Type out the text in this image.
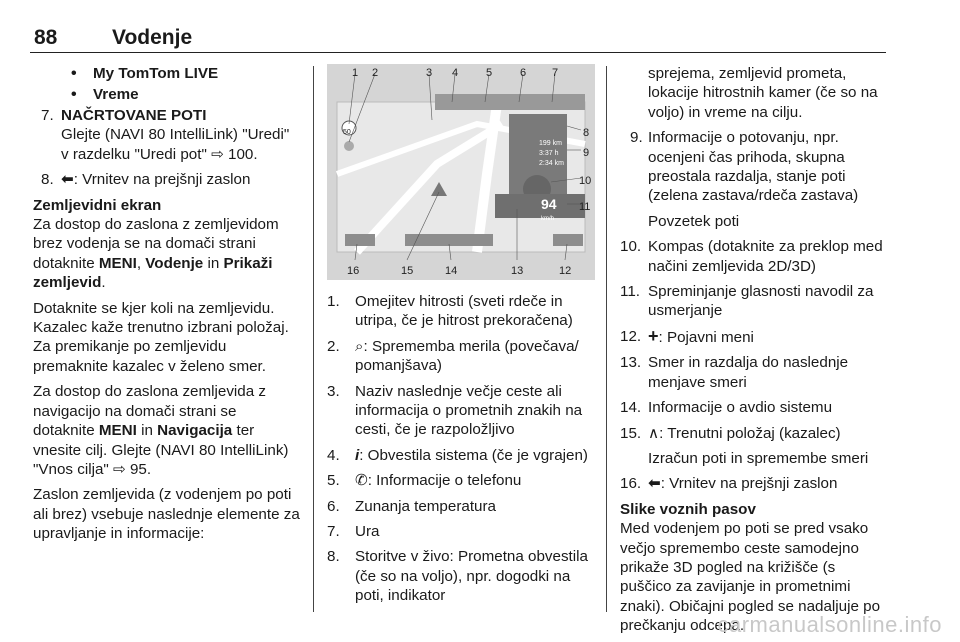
88	Vodenje
• My TomTom LIVE
• Vreme
7. NAČRTOVANE POTI
Glejte (NAVI 80 IntelliLink) "Uredi" v razdelku "Uredi pot" ⇨ 100.
8. ⬅: Vrnitev na prejšnji zaslon
Zemljevidni ekran
Za dostop do zaslona z zemljevidom brez vodenja se na domači strani dotaknite MENI, Vodenje in Prikaži zemljevid.
Dotaknite se kjer koli na zemljevidu. Kazalec kaže trenutno izbrani položaj. Za premikanje po zemljevidu premaknite kazalec v želeno smer.
Za dostop do zaslona zemljevida z navigacijo na domači strani se dotaknite MENI in Navigacija ter vnesite cilj. Glejte (NAVI 80 IntelliLink) "Vnos cilja" ⇨ 95.
Zaslon zemljevida (z vodenjem po poti ali brez) vsebuje naslednje elemente za upravljanje in informacije:
50
94
km/h
199 km
3:37 h
2:34 km
1 2	3 4	5	6 7
8
9
10
11
16	15	14	13	12
1. Omejitev hitrosti (sveti rdeče in utripa, če je hitrost prekoračena)
2. ⌕: Sprememba merila (povečava/ pomanjšava)
3. Naziv naslednje večje ceste ali informacija o prometnih znakih na cesti, če je razpoložljivo
4. i: Obvestila sistema (če je vgrajen)
5. ✆: Informacije o telefonu
6. Zunanja temperatura
7. Ura
8. Storitve v živo: Prometna obvestila (če so na voljo), npr. dogodki na poti, indikator
sprejema, zemljevid prometa, lokacije hitrostnih kamer (če so na voljo) in vreme na cilju.
9. Informacije o potovanju, npr. ocenjeni čas prihoda, skupna preostala razdalja, stanje poti (zelena zastava/rdeča zastava)
Povzetek poti
10. Kompas (dotaknite za preklop med načini zemljevida 2D/3D)
11. Spreminjanje glasnosti navodil za usmerjanje
12. +: Pojavni meni
13. Smer in razdalja do naslednje menjave smeri
14. Informacije o avdio sistemu
15. ∧: Trenutni položaj (kazalec)
Izračun poti in spremembe smeri
16. ⬅: Vrnitev na prejšnji zaslon
Slike voznih pasov
Med vodenjem po poti se pred vsako večjo spremembo ceste samodejno prikaže 3D pogled na križišče (s puščico za zavijanje in prometnimi znaki). Običajni pogled se nadaljuje po prečkanju odcepa.
carmanualsonline.info
